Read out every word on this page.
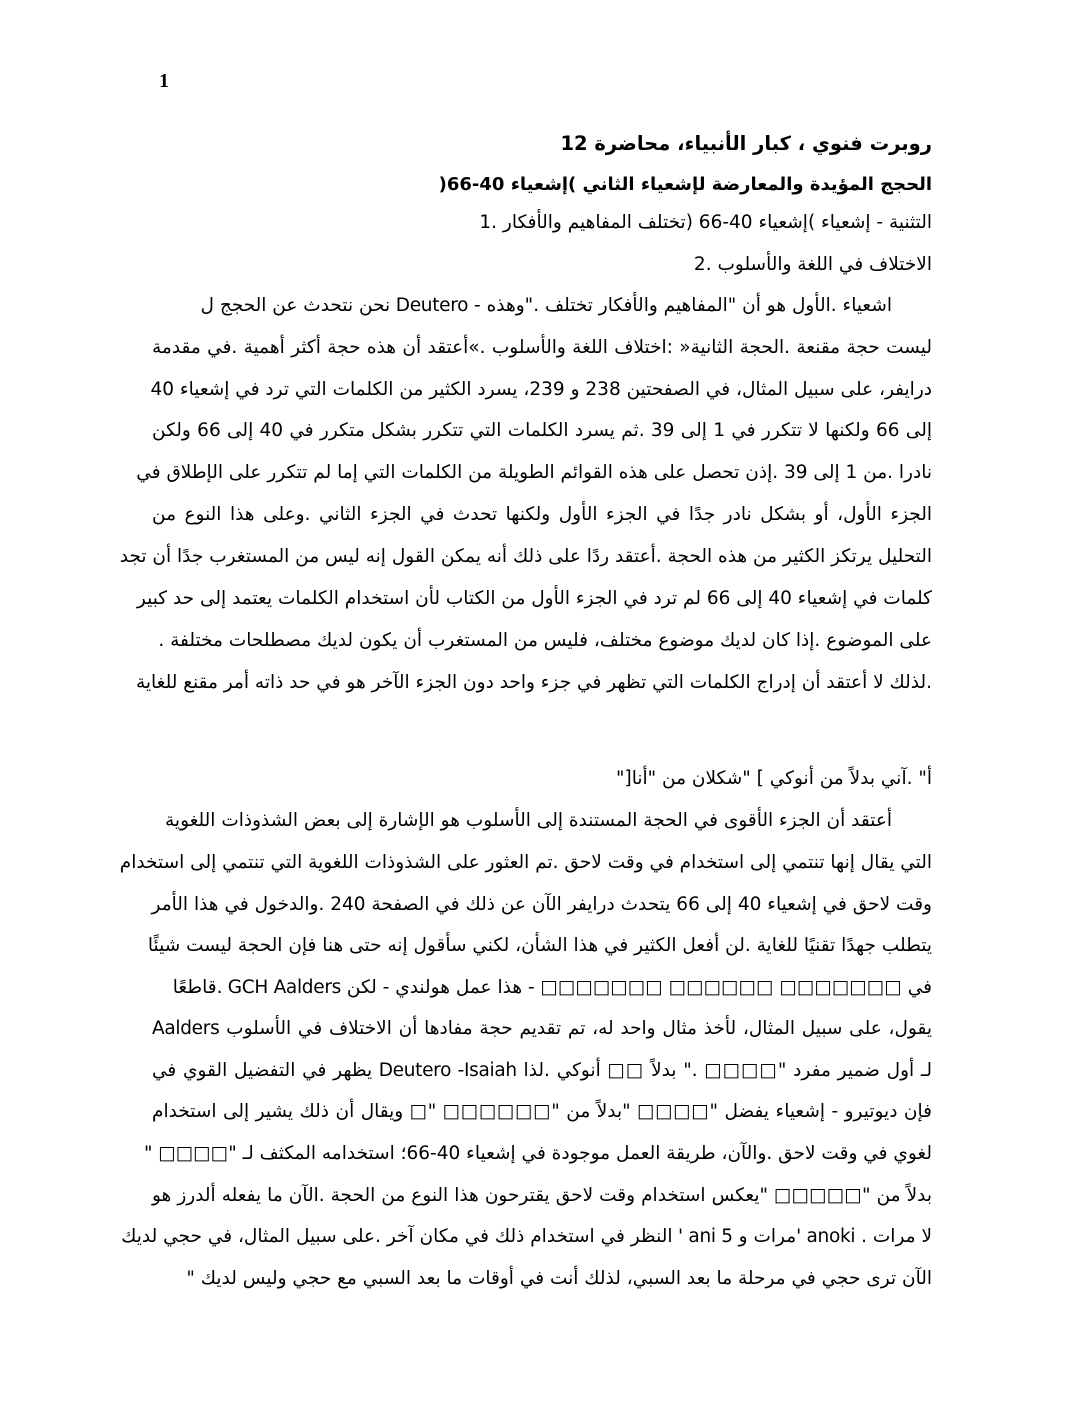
1
روبرت فنوي ، كبار الأنبياء، محاضرة 12
الحجج المؤيدة والمعارضة لإشعياء الثاني )إشعياء 40-66(
التثنية - إشعياء )إشعياء 40-66 (تختلف المفاهيم والأفكار .1
الاختلاف في اللغة والأسلوب .2
اشعياء .الأول هو أن "المفاهيم والأفكار تختلف ."وهذه - Deutero نحن نتحدث عن الحجج ل
ليست حجة مقنعة .الحجة الثانية« :اختلاف اللغة والأسلوب .»أعتقد أن هذه حجة أكثر أهمية .في مقدمة
درايفر، على سبيل المثال، في الصفحتين 238 و 239، يسرد الكثير من الكلمات التي ترد في إشعياء 40
إلى 66 ولكنها لا تتكرر في 1 إلى 39 .ثم يسرد الكلمات التي تتكرر بشكل متكرر في 40 إلى 66 ولكن
نادرا .من 1 إلى 39 .إذن تحصل على هذه القوائم الطويلة من الكلمات التي إما لم تتكرر على الإطلاق في
الجزء الأول، أو بشكل نادر جدًا في الجزء الأول ولكنها تحدث في الجزء الثاني .وعلى هذا النوع من
التحليل يرتكز الكثير من هذه الحجة .أعتقد ردًا على ذلك أنه يمكن القول إنه ليس من المستغرب جدًا أن تجد
كلمات في إشعياء 40 إلى 66 لم ترد في الجزء الأول من الكتاب لأن استخدام الكلمات يعتمد إلى حد كبير
على الموضوع .إذا كان لديك موضوع مختلف، فليس من المستغرب أن يكون لديك مصطلحات مختلفة .
.لذلك لا أعتقد أن إدراج الكلمات التي تظهر في جزء واحد دون الجزء الآخر هو في حد ذاته أمر مقنع للغاية
أ" .آني بدلاً من أنوكي ] "شكلان من "أنا["
أعتقد أن الجزء الأقوى في الحجة المستندة إلى الأسلوب هو الإشارة إلى بعض الشذوذات اللغوية
التي يقال إنها تنتمي إلى استخدام في وقت لاحق .تم العثور على الشذوذات اللغوية التي تنتمي إلى استخدام
وقت لاحق في إشعياء 40 إلى 66 يتحدث درايفر الآن عن ذلك في الصفحة 240 .والدخول في هذا الأمر
يتطلب جهدًا تقنيًا للغاية .لن أفعل الكثير في هذا الشأن، لكني سأقول إنه حتى هنا فإن الحجة ليست شيئًا
في □□□□□□□ □□□□□□ □□□□□□□ - هذا عمل هولندي - لكن GCH Aalders .قاطعًا
يقول، على سبيل المثال، لأخذ مثال واحد له، تم تقديم حجة مفادها أن الاختلاف في الأسلوب Aalders
لـ أول ضمير مفرد "□□□□ ." بدلاً □□ أنوكي .لذا Deutero -Isaiah يظهر في التفضيل القوي في
فإن ديوتيرو - إشعياء يفضل "□□□□ "بدلاً من "□□□□□□ "□ ويقال أن ذلك يشير إلى استخدام
لغوي في وقت لاحق .والآن، طريقة العمل موجودة في إشعياء 40-66؛ استخدامه المكثف لـ "□□□□ "
بدلاً من "□□□□□ "يعكس استخدام وقت لاحق يقترحون هذا النوع من الحجة .الآن ما يفعله ألدرز هو
لا مرات . anoki 'مرات و ani 5 ' النظر في استخدام ذلك في مكان آخر .على سبيل المثال، في حجي لديك
الآن ترى حجي في مرحلة ما بعد السبي، لذلك أنت في أوقات ما بعد السبي مع حجي وليس لديك "
